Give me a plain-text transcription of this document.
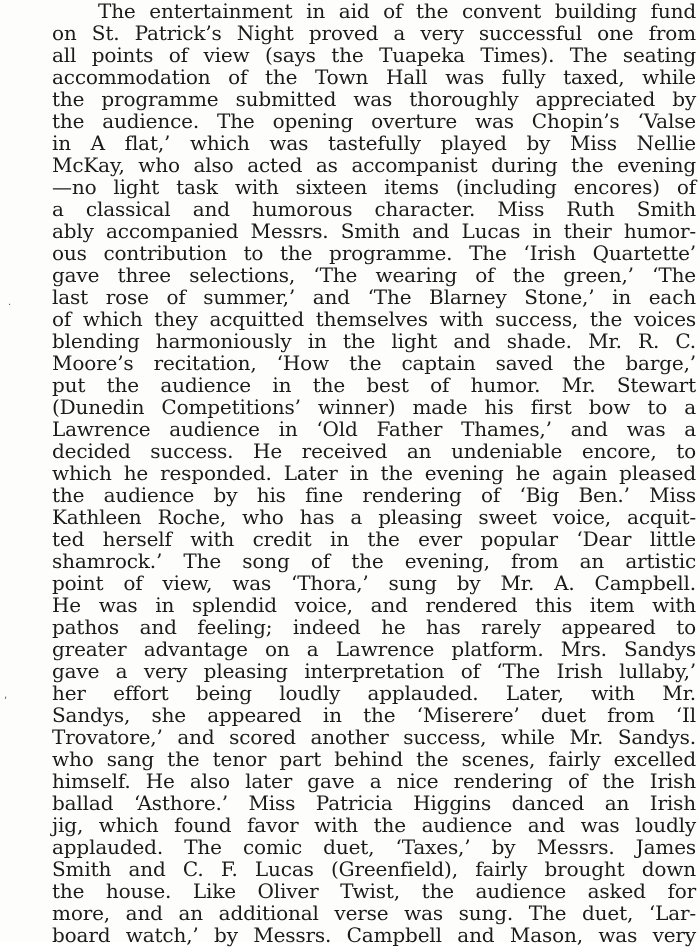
The entertainment in aid of the convent building fund
on St. Patrick’s Night proved a very successful one from
all points of view (says the Tuapeka Times). The seating
accommodation of the Town Hall was fully taxed, while
the programme submitted was thoroughly appreciated by
the audience. The opening overture was Chopin’s ‘Valse
in A flat,’ which was tastefully played by Miss Nellie
McKay, who also acted as accompanist during the evening
—no light task with sixteen items (including encores) of
a classical and humorous character. Miss Ruth Smith
ably accompanied Messrs. Smith and Lucas in their humor-
ous contribution to the programme. The ‘Irish Quartette’
gave three selections, ‘The wearing of the green,’ ‘The
last rose of summer,’ and ‘The Blarney Stone,’ in each
of which they acquitted themselves with success, the voices
blending harmoniously in the light and shade. Mr. R. C.
Moore’s recitation, ‘How the captain saved the barge,’
put the audience in the best of humor. Mr. Stewart
(Dunedin Competitions’ winner) made his first bow to a
Lawrence audience in ‘Old Father Thames,’ and was a
decided success. He received an undeniable encore, to
which he responded. Later in the evening he again pleased
the audience by his fine rendering of ‘Big Ben.’ Miss
Kathleen Roche, who has a pleasing sweet voice, acquit-
ted herself with credit in the ever popular ‘Dear little
shamrock.’ The song of the evening, from an artistic
point of view, was ‘Thora,’ sung by Mr. A. Campbell.
He was in splendid voice, and rendered this item with
pathos and feeling; indeed he has rarely appeared to
greater advantage on a Lawrence platform. Mrs. Sandys
gave a very pleasing interpretation of ‘The Irish lullaby,’
her effort being loudly applauded. Later, with Mr.
Sandys, she appeared in the ‘Miserere’ duet from ‘Il
Trovatore,’ and scored another success, while Mr. Sandys.
who sang the tenor part behind the scenes, fairly excelled
himself. He also later gave a nice rendering of the Irish
ballad ‘Asthore.’ Miss Patricia Higgins danced an Irish
jig, which found favor with the audience and was loudly
applauded. The comic duet, ‘Taxes,’ by Messrs. James
Smith and C. F. Lucas (Greenfield), fairly brought down
the house. Like Oliver Twist, the audience asked for
more, and an additional verse was sung. The duet, ‘Lar-
board watch,’ by Messrs. Campbell and Mason, was very
·
,
